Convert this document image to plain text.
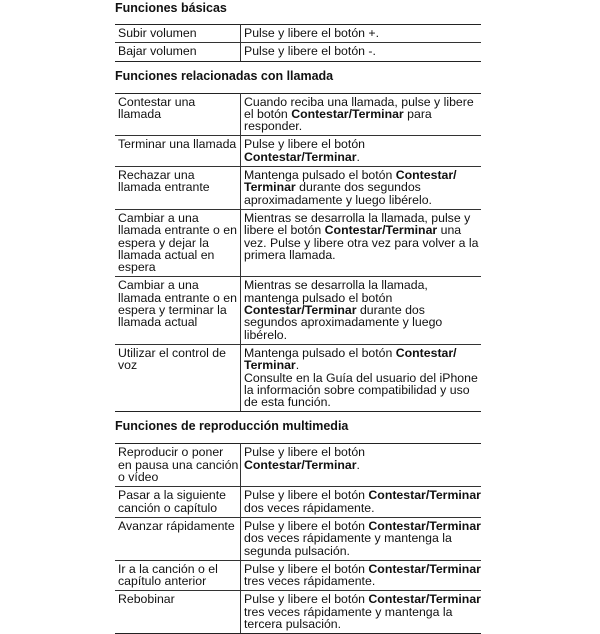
Funciones básicas
Subir volumen	Pulse y libere el botón +.
Bajar volumen	Pulse y libere el botón -.
Funciones relacionadas con llamada
Contestar una llamada	Cuando reciba una llamada, pulse y libere el botón Contestar/Terminar para responder.
Terminar una llamada	Pulse y libere el botón Contestar/Terminar.
Rechazar una llamada entrante	Mantenga pulsado el botón Contestar/ Terminar durante dos segundos aproximadamente y luego libérelo.
Cambiar a una llamada entrante o en espera y dejar la llamada actual en espera	Mientras se desarrolla la llamada, pulse y libere el botón Contestar/Terminar una vez. Pulse y libere otra vez para volver a la primera llamada.
Cambiar a una llamada entrante o en espera y terminar la llamada actual	Mientras se desarrolla la llamada, mantenga pulsado el botón Contestar/Terminar durante dos segundos aproximadamente y luego libérelo.
Utilizar el control de voz	Mantenga pulsado el botón Contestar/ Terminar.
Consulte en la Guía del usuario del iPhone la información sobre compatibilidad y uso de esta función.
Funciones de reproducción multimedia
Reproducir o poner en pausa una canción o vídeo	Pulse y libere el botón Contestar/Terminar.
Pasar a la siguiente canción o capítulo	Pulse y libere el botón Contestar/Terminar dos veces rápidamente.
Avanzar rápidamente	Pulse y libere el botón Contestar/Terminar dos veces rápidamente y mantenga la segunda pulsación.
Ir a la canción o el capítulo anterior	Pulse y libere el botón Contestar/Terminar tres veces rápidamente.
Rebobinar	Pulse y libere el botón Contestar/Terminar tres veces rápidamente y mantenga la tercera pulsación.
